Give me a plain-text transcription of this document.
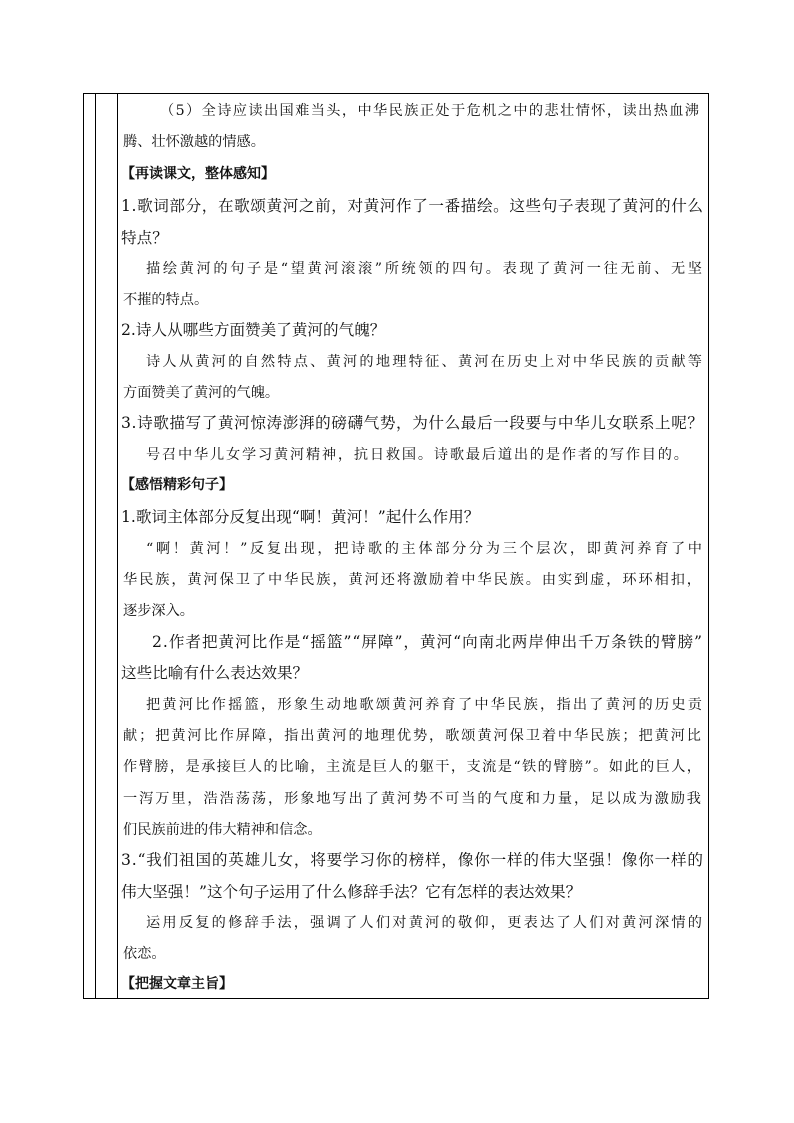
（5）全诗应读出国难当头，中华民族正处于危机之中的悲壮情怀，读出热血沸
腾、壮怀激越的情感。
【再读课文，整体感知】
1.歌词部分，在歌颂黄河之前，对黄河作了一番描绘。这些句子表现了黄河的什么
特点？
描绘黄河的句子是“望黄河滚滚”所统领的四句。表现了黄河一往无前、无坚
不摧的特点。
2.诗人从哪些方面赞美了黄河的气魄？
诗人从黄河的自然特点、黄河的地理特征、黄河在历史上对中华民族的贡献等
方面赞美了黄河的气魄。
3.诗歌描写了黄河惊涛澎湃的磅礴气势，为什么最后一段要与中华儿女联系上呢？
号召中华儿女学习黄河精神，抗日救国。诗歌最后道出的是作者的写作目的。
【感悟精彩句子】
1.歌词主体部分反复出现“啊！黄河！”起什么作用？
“啊！黄河！”反复出现，把诗歌的主体部分分为三个层次，即黄河养育了中
华民族，黄河保卫了中华民族，黄河还将激励着中华民族。由实到虚，环环相扣，
逐步深入。
2.作者把黄河比作是“摇篮”“屏障”，黄河“向南北两岸伸出千万条铁的臂膀”
这些比喻有什么表达效果？
把黄河比作摇篮，形象生动地歌颂黄河养育了中华民族，指出了黄河的历史贡
献；把黄河比作屏障，指出黄河的地理优势，歌颂黄河保卫着中华民族；把黄河比
作臂膀，是承接巨人的比喻，主流是巨人的躯干，支流是“铁的臂膀”。如此的巨人，
一泻万里，浩浩荡荡，形象地写出了黄河势不可当的气度和力量，足以成为激励我
们民族前进的伟大精神和信念。
3.“我们祖国的英雄儿女，将要学习你的榜样，像你一样的伟大坚强！像你一样的
伟大坚强！”这个句子运用了什么修辞手法？它有怎样的表达效果？
运用反复的修辞手法，强调了人们对黄河的敬仰，更表达了人们对黄河深情的
依恋。
【把握文章主旨】
